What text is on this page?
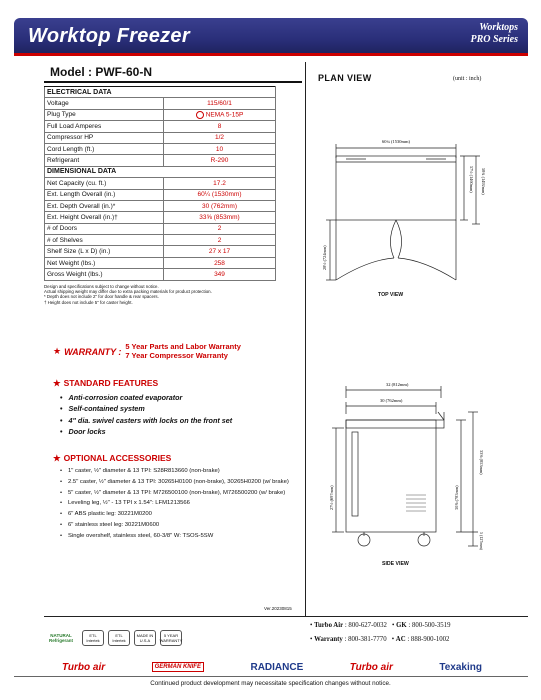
Worktop Freezer	Worktops
PRO Series
Model : PWF-60-N
ELECTRICAL DATA	
Voltage	115/60/1
Plug Type	NEMA 5-15P
Full Load Amperes	8
Compressor HP	1/2
Cord Length (ft.)	10
Refrigerant	R-290
DIMENSIONAL DATA	
Net Capacity (cu. ft.)	17.2
Ext. Length Overall (in.)	60¼ (1530mm)
Ext. Depth Overall (in.)*	30 (762mm)
Ext. Height Overall (in.)†	33⅝ (853mm)
# of Doors	2
# of Shelves	2
Shelf Size (L x D) (in.)	27 x 17
Net Weight (lbs.)	258
Gross Weight (lbs.)	349
Design and specifications subject to change without notice.
Actual shipping weight may differ due to extra packing materials for product protection.
* Depth does not include 2" for door handle & rear spacers.
† Height does not include 5" for caster height.
★ WARRANTY : 5 Year Parts and Labor Warranty
7 Year Compressor Warranty
★ STANDARD FEATURES
• Anti-corrosion coated evaporator
• Self-contained system
• 4" dia. swivel casters with locks on the front set
• Door locks
★ OPTIONAL ACCESSORIES
• 1" caster, ½" diameter & 13 TPI: S28R813660 (non-brake)
• 2.5" caster, ½" diameter & 13 TPI: 30265H0100 (non-brake), 30265H0200 (w/ brake)
• 5" caster, ½" diameter & 13 TPI: M726500100 (non-brake), M726500200 (w/ brake)
• Leveling leg, ½" - 13 TPI x 1.54": LFM1213566
• 6" ABS plastic leg: 30221M0200
• 6" stainless steel leg: 30221M0600
• Single overshelf, stainless steel, 60-3/8" W: TSOS-5SW
Ver.20230815
PLAN VIEW	(unit : inch)
60¼ (1530mm)
57½ (1460mm) 58¾ (1492mm)
28½ (724mm)
TOP VIEW
32 (812mm)
30 (762mm)
27½ (697mm)	30⅞ (783mm)
33⅝ (853mm)
5 (127mm)
SIDE VIEW
NATURAL
Refrigerant
ETL Intertek
ETL Intertek
MADE IN U.S.A
5 YEAR WARRANTY
• Turbo Air : 800-627-0032   • GK : 800-500-3519
• Warranty : 800-381-7770   • AC : 888-900-1002
Turbo air	GERMAN KNIFE	RADIANCE	Turbo air	Texaking
Continued product development may necessitate specification changes without notice.
